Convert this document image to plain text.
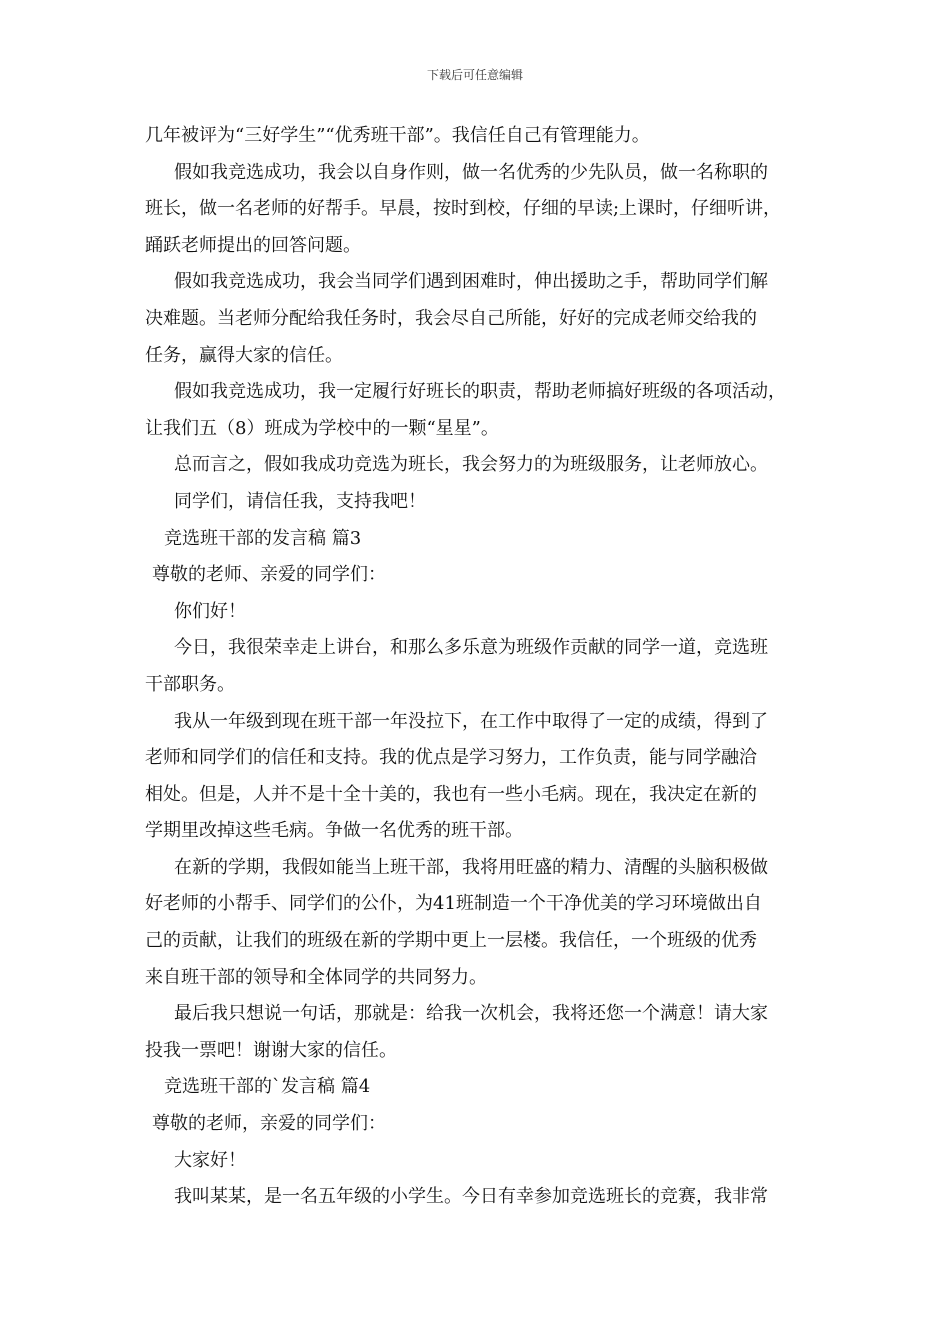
下载后可任意编辑

几年被评为“三好学生”“优秀班干部”。我信任自己有管理能力。

假如我竞选成功，我会以自身作则，做一名优秀的少先队员，做一名称职的

班长，做一名老师的好帮手。早晨，按时到校，仔细的早读;上课时，仔细听讲，

踊跃老师提出的回答问题。

假如我竞选成功，我会当同学们遇到困难时，伸出援助之手，帮助同学们解

决难题。当老师分配给我任务时，我会尽自己所能，好好的完成老师交给我的

任务，赢得大家的信任。

假如我竞选成功，我一定履行好班长的职责，帮助老师搞好班级的各项活动，

让我们五（8）班成为学校中的一颗“星星”。

总而言之，假如我成功竞选为班长，我会努力的为班级服务，让老师放心。

同学们，请信任我，支持我吧！

竞选班干部的发言稿 篇3

尊敬的老师、亲爱的同学们：

你们好！

今日，我很荣幸走上讲台，和那么多乐意为班级作贡献的同学一道，竞选班

干部职务。

我从一年级到现在班干部一年没拉下，在工作中取得了一定的成绩，得到了

老师和同学们的信任和支持。我的优点是学习努力，工作负责，能与同学融洽

相处。但是，人并不是十全十美的，我也有一些小毛病。现在，我决定在新的

学期里改掉这些毛病。争做一名优秀的班干部。

在新的学期，我假如能当上班干部，我将用旺盛的精力、清醒的头脑积极做

好老师的小帮手、同学们的公仆，为41班制造一个干净优美的学习环境做出自

己的贡献，让我们的班级在新的学期中更上一层楼。我信任，一个班级的优秀

来自班干部的领导和全体同学的共同努力。

最后我只想说一句话，那就是：给我一次机会，我将还您一个满意！请大家

投我一票吧！谢谢大家的信任。

竞选班干部的`发言稿 篇4

尊敬的老师，亲爱的同学们：

大家好！

我叫某某，是一名五年级的小学生。今日有幸参加竞选班长的竞赛，我非常
